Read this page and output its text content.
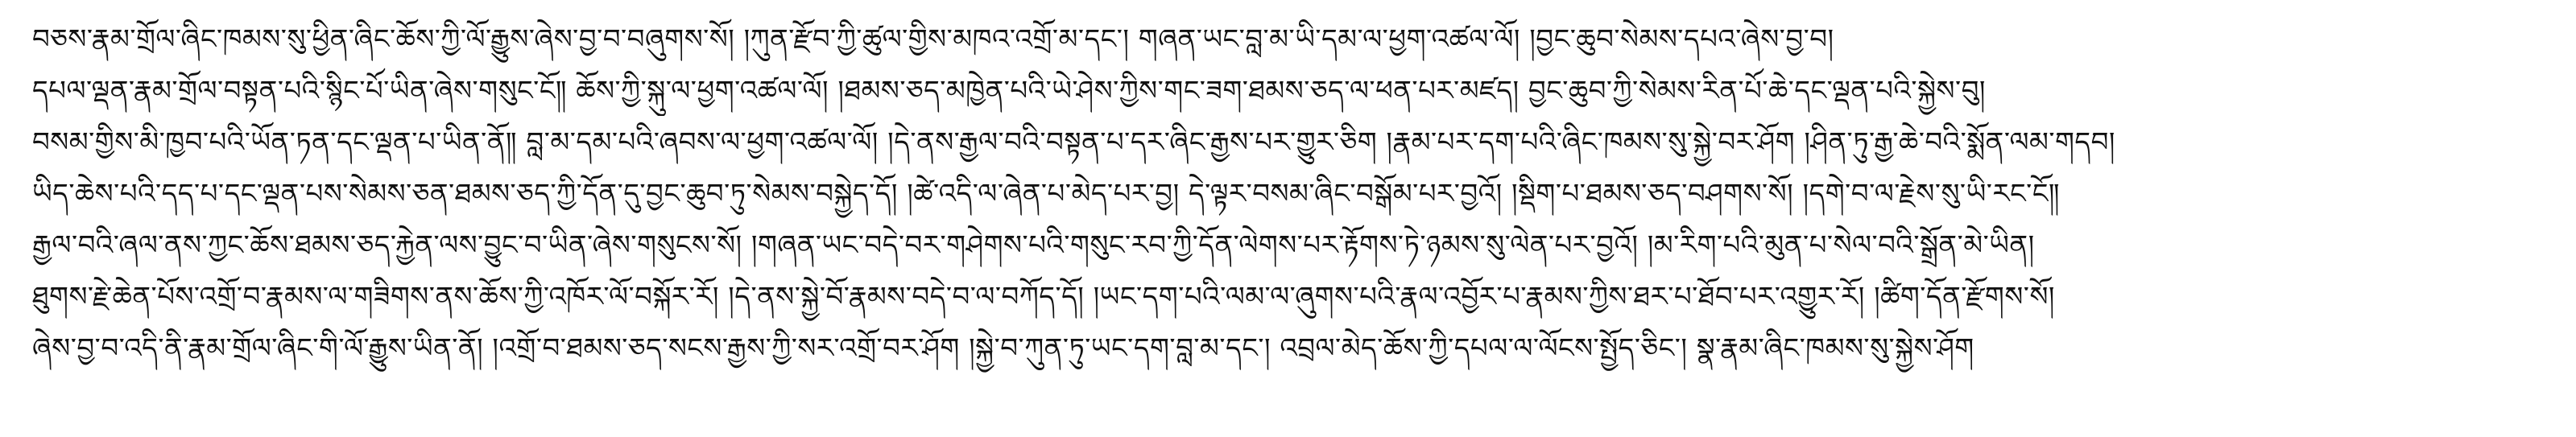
བཅས་རྣམ་གྲོལ་ཞིང་ཁམས་སུ་ཕྱིན་ཞིང་ཆོས་ཀྱི་ལོ་རྒྱུས་ཞེས་བྱ་བ་བཞུགས་སོ། །ཀུན་རྫོབ་ཀྱི་ཚུལ་གྱིས་མཁའ་འགྲོ་མ་དང་། གཞན་ཡང་བླ་མ་ཡི་དམ་ལ་ཕྱག་འཚལ་ལོ། །བྱང་ཆུབ་སེམས་དཔའ་ཞེས་བྱ་བ།
དཔལ་ལྡན་རྣམ་གྲོལ་བསྟན་པའི་སྙིང་པོ་ཡིན་ཞེས་གསུང་ངོ༎ ཆོས་ཀྱི་སྐུ་ལ་ཕྱག་འཚལ་ལོ། །ཐམས་ཅད་མཁྱེན་པའི་ཡེ་ཤེས་ཀྱིས་གང་ཟག་ཐམས་ཅད་ལ་ཕན་པར་མཛད། བྱང་ཆུབ་ཀྱི་སེམས་རིན་པོ་ཆེ་དང་ལྡན་པའི་སྐྱེས་བུ།
བསམ་གྱིས་མི་ཁྱབ་པའི་ཡོན་ཏན་དང་ལྡན་པ་ཡིན་ནོ༎ བླ་མ་དམ་པའི་ཞབས་ལ་ཕྱག་འཚལ་ལོ། །དེ་ནས་རྒྱལ་བའི་བསྟན་པ་དར་ཞིང་རྒྱས་པར་གྱུར་ཅིག །རྣམ་པར་དག་པའི་ཞིང་ཁམས་སུ་སྐྱེ་བར་ཤོག །ཤིན་ཏུ་རྒྱ་ཆེ་བའི་སྨོན་ལམ་གདབ།
ཡིད་ཆེས་པའི་དད་པ་དང་ལྡན་པས་སེམས་ཅན་ཐམས་ཅད་ཀྱི་དོན་དུ་བྱང་ཆུབ་ཏུ་སེམས་བསྐྱེད་དོ། །ཚེ་འདི་ལ་ཞེན་པ་མེད་པར་བྱ། དེ་ལྟར་བསམ་ཞིང་བསྒོམ་པར་བྱའོ། །སྡིག་པ་ཐམས་ཅད་བཤགས་སོ། །དགེ་བ་ལ་རྗེས་སུ་ཡི་རང་ངོ༎
རྒྱལ་བའི་ཞལ་ནས་ཀྱང་ཆོས་ཐམས་ཅད་རྐྱེན་ལས་བྱུང་བ་ཡིན་ཞེས་གསུངས་སོ། །གཞན་ཡང་བདེ་བར་གཤེགས་པའི་གསུང་རབ་ཀྱི་དོན་ལེགས་པར་རྟོགས་ཏེ་ཉམས་སུ་ལེན་པར་བྱའོ། །མ་རིག་པའི་མུན་པ་སེལ་བའི་སྒྲོན་མེ་ཡིན།
ཐུགས་རྗེ་ཆེན་པོས་འགྲོ་བ་རྣམས་ལ་གཟིགས་ནས་ཆོས་ཀྱི་འཁོར་ལོ་བསྐོར་རོ། །དེ་ནས་སྐྱེ་བོ་རྣམས་བདེ་བ་ལ་བཀོད་དོ། །ཡང་དག་པའི་ལམ་ལ་ཞུགས་པའི་རྣལ་འབྱོར་པ་རྣམས་ཀྱིས་ཐར་པ་ཐོབ་པར་འགྱུར་རོ། །ཚིག་དོན་རྫོགས་སོ།
ཞེས་བྱ་བ་འདི་ནི་རྣམ་གྲོལ་ཞིང་གི་ལོ་རྒྱུས་ཡིན་ནོ། །འགྲོ་བ་ཐམས་ཅད་སངས་རྒྱས་ཀྱི་སར་འགྲོ་བར་ཤོག །སྐྱེ་བ་ཀུན་ཏུ་ཡང་དག་བླ་མ་དང་། འབྲལ་མེད་ཆོས་ཀྱི་དཔལ་ལ་ལོངས་སྤྱོད་ཅིང་། སྣ་རྣམ་ཞིང་ཁམས་སུ་སྐྱེས་ཤོག
